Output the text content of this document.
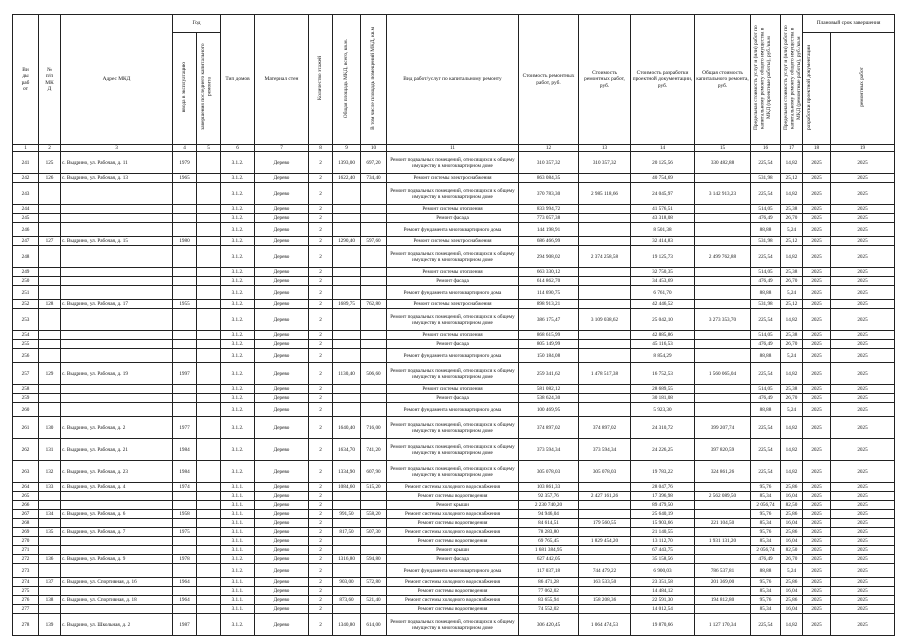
Ви
ды
раб
от	№
п/п
МК
Д	Адрес МКД	Год		Тип домов	Материал стен	Количество этажей	Общая площадь МКД, всего, кв.м.	В том числе площадь помещений МКД, кв.м	Вид работ/услуг по капитальному ремонту	Стоимость ремонтных работ, руб.	Стоимость ремонтных работ, руб.	Стоимость разработки проектной документации, руб.	Общая стоимость капитального ремонта, руб.	Предельная стоимость услуг и (или) работ по капитальному ремонту общего имущества в МКД (проектные работы), руб./кв.м	Предельная стоимость услуг и (или) работ по капитальному ремонту общего имущества в МКД (ремонтные работы), руб./кв.м	Плановый срок завершения	
			ввода в эксплуатацию	завершения последнего капитального ремонта													разработки проектной документации	ремонтных работ
1	2	3	4	5	6	7	8	9	10	11	12	13	14	15	16	17	18	19
241	125	с. Выдрино, ул. Рабочая, д. 11	1979		3.1.2.	Дерево	2	1393,00	697,20	Ремонт подвальных помещений, относящихся к общему имуществу в многоквартирном доме	310 357,32	310 357,32	20 125,56	330 482,88	225,54	14,82	2025	2025
242	126	с. Выдрино, ул. Рабочая, д. 13	1965		3.1.2.	Дерево	2	1622,40	734,40	Ремонт системы электроснабжения	863 084,35		40 754,69		531,98	25,12	2025	2025
243					3.1.2.	Дерево	2			Ремонт подвальных помещений, относящихся к общему имуществу в многоквартирном доме	370 783,30	2 985 118,66	24 045,97	3 142 913,23	225,54	14,82	2025	2025
244					3.1.2.	Дерево	2			Ремонт системы отопления	833 994,72		41 576,51		514,05	25,38	2025	2025
245					3.1.2.	Дерево	2			Ремонт фасада	773 057,38		43 318,08		476,49	26,70	2025	2025
246					3.1.2.	Дерево	2			Ремонт фундамента многоквартирного дома	144 198,91		8 501,38		88,88	5,24	2025	2025
247	127	с. Выдрино, ул. Рабочая, д. 15	1980		3.1.2.	Дерево	2	1290,40	597,60	Ремонт системы электроснабжения	686 466,99		32 414,83		531,98	25,12	2025	2025
248					3.1.2.	Дерево	2			Ремонт подвальных помещений, относящихся к общему имуществу в многоквартирном доме	294 908,02	2 374 258,58	19 125,73	2 499 762,88	225,54	14,82	2025	2025
249					3.1.2.	Дерево	2			Ремонт системы отопления	663 330,12		32 750,35		514,05	25,38	2025	2025
250					3.1.2.	Дерево	2			Ремонт фасада	614 862,70		34 453,69		476,49	26,70	2025	2025
251					3.1.2.	Дерево	2			Ремонт фундамента многоквартирного дома	114 690,75		6 761,70		88,88	5,24	2025	2025
252	128	с. Выдрино, ул. Рабочая, д. 17	1955		3.1.2.	Дерево	2	1689,75	762,80	Ремонт системы электроснабжения	898 913,21		42 446,52		531,98	25,12	2025	2025
253					3.1.2.	Дерево	2			Ремонт подвальных помещений, относящихся к общему имуществу в многоквартирном доме	386 175,47	3 109 038,62	25 042,10	3 273 353,70	225,54	14,82	2025	2025
254					3.1.2.	Дерево	2			Ремонт системы отопления	868 615,99		42 885,86		514,05	25,38	2025	2025
255					3.1.2.	Дерево	2			Ремонт фасада	805 149,99		45 116,53		476,49	26,70	2025	2025
256					3.1.2.	Дерево	2			Ремонт фундамента многоквартирного дома	150 184,08		8 854,29		88,88	5,24	2025	2025
257	129	с. Выдрино, ул. Рабочая, д. 19	1997		3.1.2.	Дерево	2	1130,40	506,60	Ремонт подвальных помещений, относящихся к общему имуществу в многоквартирном доме	259 341,62	1 478 517,38	16 752,53	1 560 065,04	225,54	14,82	2025	2025
258					3.1.2.	Дерево	2			Ремонт системы отопления	581 082,12		28 689,55		514,05	25,38	2025	2025
259					3.1.2.	Дерево	2			Ремонт фасада	538 624,30		30 181,08		476,49	26,70	2025	2025
260					3.1.2.	Дерево	2			Ремонт фундамента многоквартирного дома	100 469,95		5 923,30		88,88	5,24	2025	2025
261	130	с. Выдрино, ул. Рабочая, д. 2	1977		3.1.2.	Дерево	2	1640,40	716,00	Ремонт подвальных помещений, относящихся к общему имуществу в многоквартирном доме	374 897,02	374 897,02	24 310,72	399 207,74	225,54	14,82	2025	2025
262	131	с. Выдрино, ул. Рабочая, д. 21	1984		3.1.2.	Дерево	2	1634,70	741,20	Ремонт подвальных помещений, относящихся к общему имуществу в многоквартирном доме	373 594,34	373 594,34	24 226,25	397 820,59	225,54	14,82	2025	2025
263	132	с. Выдрино, ул. Рабочая, д. 23	1984		3.1.2.	Дерево	2	1334,90	607,90	Ремонт подвальных помещений, относящихся к общему имуществу в многоквартирном доме	305 078,03	305 078,03	19 783,22	324 861,26	225,54	14,82	2025	2025
264	133	с. Выдрино, ул. Рабочая, д. 4	1974		3.1.1.	Дерево	2	1084,60	515,20	Ремонт системы холодного водоснабжения	103 861,33		28 047,76		95,76	25,86	2025	2025
265					3.1.1.	Дерево	2			Ремонт системы водоотведения	92 357,76	2 427 161,26	17 396,98	2 562 089,50	85,34	16,04	2025	2025
266					3.1.1.	Дерево	2			Ремонт крыши	2 230 740,20		89 479,50		2 056,74	82,50	2025	2025
267	134	с. Выдрино, ул. Рабочая, д. 6	1958		3.1.1.	Дерево	2	991,50	558,20	Ремонт системы холодного водоснабжения	94 946,04		25 640,19		95,76	25,86	2025	2025
268					3.1.1.	Дерево	2			Ремонт системы водоотведения	84 614,51	179 560,55	15 903,66	221 104,50	85,34	16,04	2025	2025
269	135	с. Выдрино, ул. Рабочая, д. 7	1975		3.1.1.	Дерево	2	817,50	507,30	Ремонт системы холодного водоснабжения	78 283,80		21 140,55		95,76	25,86	2025	2025
270					3.1.1.	Дерево	2			Ремонт системы водоотведения	69 765,45	1 829 454,20	13 112,70	1 931 131,20	85,34	16,04	2025	2025
271					3.1.1.	Дерево	2			Ремонт крыши	1 681 384,95		67 443,75		2 056,74	82,50	2025	2025
272	136	с. Выдрино, ул. Рабочая, д. 9	1978		3.1.2.	Дерево	2	1316,80	594,80	Ремонт фасада	627 442,05		35 158,56		476,49	26,70	2025	2025
273					3.1.2.	Дерево	2			Ремонт фундамента многоквартирного дома	117 037,18	744 479,22	6 900,03	786 537,81	88,88	5,24	2025	2025
274	137	с. Выдрино, ул. Спортивная, д. 16	1964		3.1.1.	Дерево	2	903,00	572,80	Ремонт системы холодного водоснабжения	86 471,28	163 533,50	23 351,58	201 369,00	95,76	25,86	2025	2025
275					3.1.1.	Дерево	2			Ремонт системы водоотведения	77 062,02		14 484,12		85,34	16,04	2025	2025
276	138	с. Выдрино, ул. Спортивная, д. 18	1964		3.1.1.	Дерево	2	873,60	521,40	Ремонт системы холодного водоснабжения	83 655,94	158 208,36	22 591,30	194 812,80	95,76	25,86	2025	2025
277					3.1.1.	Дерево	2			Ремонт системы водоотведения	74 552,02		14 012,54		85,34	16,04	2025	2025
278	139	с. Выдрино, ул. Школьная, д. 2	1987		3.1.2.	Дерево	2	1340,80	614,00	Ремонт подвальных помещений, относящихся к общему имуществу в многоквартирном доме	306 420,45	1 064 474,53	19 870,66	1 127 170,34	225,54	14,82	2025	2025
